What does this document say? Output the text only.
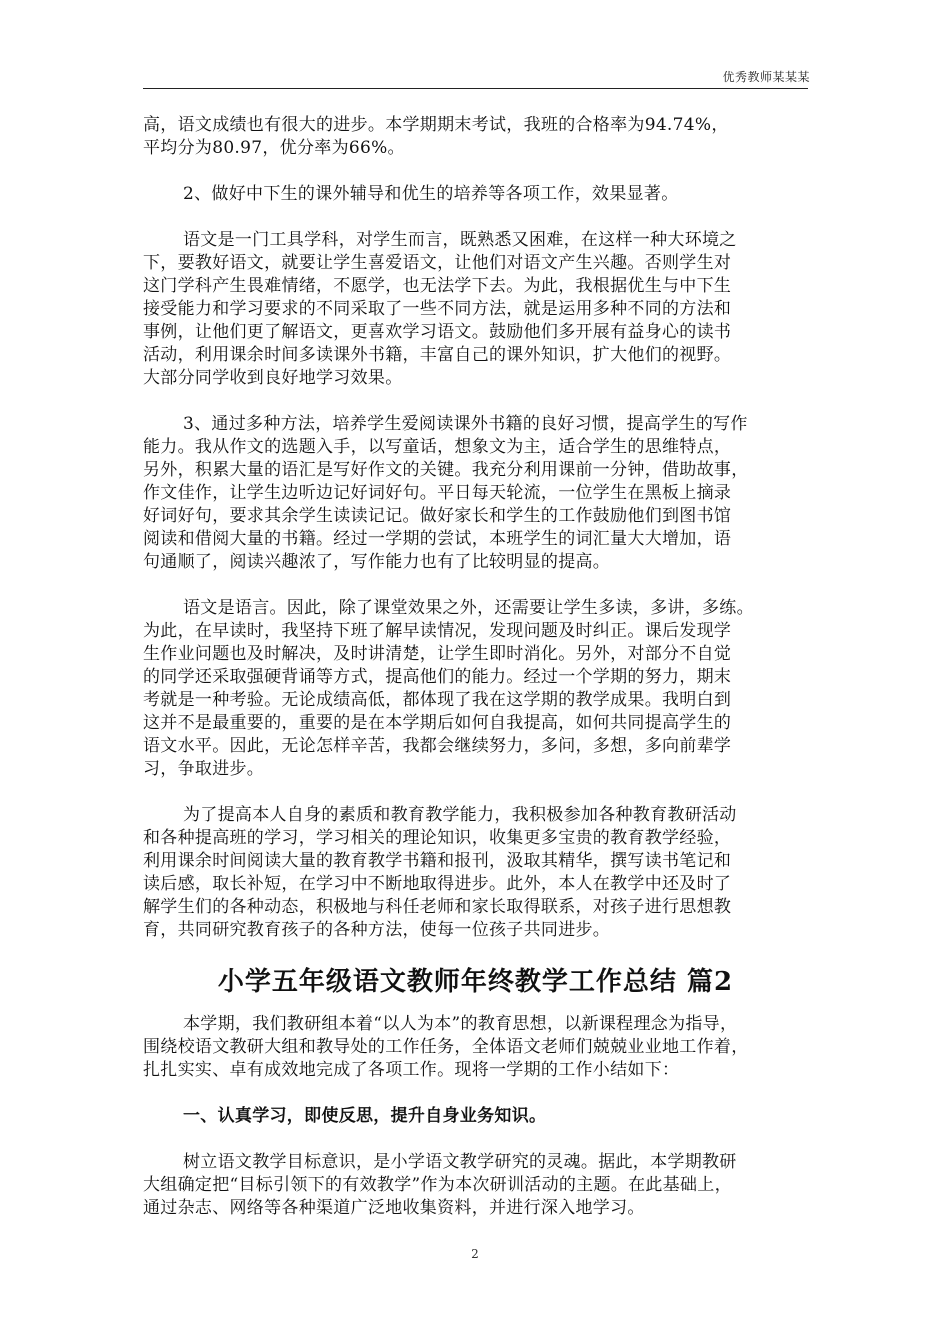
优秀教师某某某

高，语文成绩也有很大的进步。本学期期末考试，我班的合格率为94.74%，
平均分为80.97，优分率为66%。

2、做好中下生的课外辅导和优生的培养等各项工作，效果显著。

语文是一门工具学科，对学生而言，既熟悉又困难，在这样一种大环境之
下，要教好语文，就要让学生喜爱语文，让他们对语文产生兴趣。否则学生对
这门学科产生畏难情绪，不愿学，也无法学下去。为此，我根据优生与中下生
接受能力和学习要求的不同采取了一些不同方法，就是运用多种不同的方法和
事例，让他们更了解语文，更喜欢学习语文。鼓励他们多开展有益身心的读书
活动，利用课余时间多读课外书籍，丰富自己的课外知识，扩大他们的视野。
大部分同学收到良好地学习效果。

3、通过多种方法，培养学生爱阅读课外书籍的良好习惯，提高学生的写作
能力。我从作文的选题入手，以写童话，想象文为主，适合学生的思维特点，
另外，积累大量的语汇是写好作文的关键。我充分利用课前一分钟，借助故事，
作文佳作，让学生边听边记好词好句。平日每天轮流，一位学生在黑板上摘录
好词好句，要求其余学生读读记记。做好家长和学生的工作鼓励他们到图书馆
阅读和借阅大量的书籍。经过一学期的尝试，本班学生的词汇量大大增加，语
句通顺了，阅读兴趣浓了，写作能力也有了比较明显的提高。

语文是语言。因此，除了课堂效果之外，还需要让学生多读，多讲，多练。
为此，在早读时，我坚持下班了解早读情况，发现问题及时纠正。课后发现学
生作业问题也及时解决，及时讲清楚，让学生即时消化。另外，对部分不自觉
的同学还采取强硬背诵等方式，提高他们的能力。经过一个学期的努力，期末
考就是一种考验。无论成绩高低，都体现了我在这学期的教学成果。我明白到
这并不是最重要的，重要的是在本学期后如何自我提高，如何共同提高学生的
语文水平。因此，无论怎样辛苦，我都会继续努力，多问，多想，多向前辈学
习，争取进步。

为了提高本人自身的素质和教育教学能力，我积极参加各种教育教研活动
和各种提高班的学习，学习相关的理论知识，收集更多宝贵的教育教学经验，
利用课余时间阅读大量的教育教学书籍和报刊，汲取其精华，撰写读书笔记和
读后感，取长补短，在学习中不断地取得进步。此外，本人在教学中还及时了
解学生们的各种动态，积极地与科任老师和家长取得联系，对孩子进行思想教
育，共同研究教育孩子的各种方法，使每一位孩子共同进步。

小学五年级语文教师年终教学工作总结 篇2

本学期，我们教研组本着“以人为本”的教育思想，以新课程理念为指导，
围绕校语文教研大组和教导处的工作任务，全体语文老师们兢兢业业地工作着，
扎扎实实、卓有成效地完成了各项工作。现将一学期的工作小结如下：

一、认真学习，即使反思，提升自身业务知识。

树立语文教学目标意识，是小学语文教学研究的灵魂。据此，本学期教研
大组确定把“目标引领下的有效教学”作为本次研训活动的主题。在此基础上，
通过杂志、网络等各种渠道广泛地收集资料，并进行深入地学习。

2
